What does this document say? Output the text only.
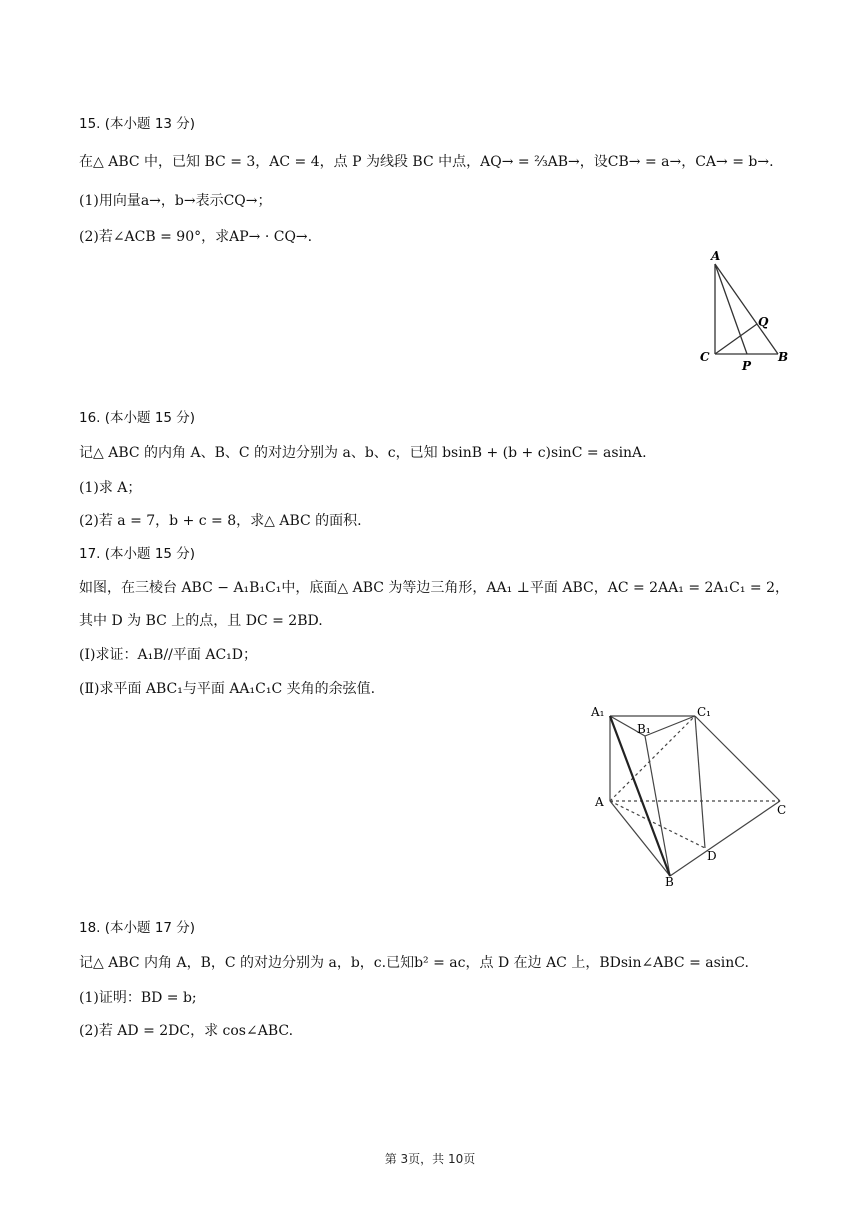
15. (本小题 13 分)
在△ ABC 中，已知 BC = 3，AC = 4，点 P 为线段 BC 中点，AQ→ = ⅔AB→，设CB→ = a→，CA→ = b→.
(1)用向量a→，b→表示CQ→；
(2)若∠ACB = 90°，求AP→ · CQ→.
A
Q
C
P
B
16. (本小题 15 分)
记△ ABC 的内角 A、B、C 的对边分别为 a、b、c，已知 bsinB + (b + c)sinC = asinA.
(1)求 A；
(2)若 a = 7，b + c = 8，求△ ABC 的面积.
17. (本小题 15 分)
如图，在三棱台 ABC − A₁B₁C₁中，底面△ ABC 为等边三角形，AA₁ ⊥平面 ABC，AC = 2AA₁ = 2A₁C₁ = 2，
其中 D 为 BC 上的点，且 DC = 2BD.
(Ⅰ)求证：A₁B//平面 AC₁D；
(Ⅱ)求平面 ABC₁与平面 AA₁C₁C 夹角的余弦值.
A₁
B₁
C₁
A
C
D
B
18. (本小题 17 分)
记△ ABC 内角 A，B，C 的对边分别为 a，b，c.已知b² = ac，点 D 在边 AC 上，BDsin∠ABC = asinC.
(1)证明：BD = b;
(2)若 AD = 2DC，求 cos∠ABC.
第 3页，共 10页
